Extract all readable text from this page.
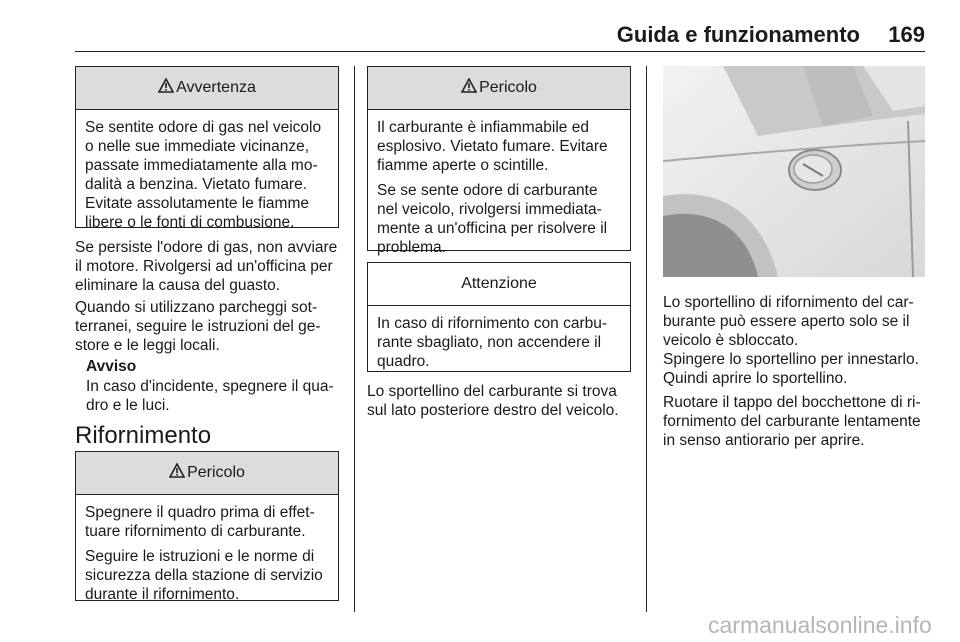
Guida e funzionamento	169
Avvertenza
Se sentite odore di gas nel veicolo
o nelle sue immediate vicinanze,
passate immediatamente alla mo-
dalità a benzina. Vietato fumare.
Evitate assolutamente le fiamme
libere o le fonti di combusione.
Se persiste l'odore di gas, non avviare
il motore. Rivolgersi ad un'officina per
eliminare la causa del guasto.
Quando si utilizzano parcheggi sot-
terranei, seguire le istruzioni del ge-
store e le leggi locali.
Avviso
In caso d'incidente, spegnere il qua-
dro e le luci.
Rifornimento
Pericolo

Spegnere il quadro prima di effet-
tuare rifornimento di carburante.

Seguire le istruzioni e le norme di
sicurezza della stazione di servizio
durante il rifornimento.

Pericolo

Il carburante è infiammabile ed
esplosivo. Vietato fumare. Evitare
fiamme aperte o scintille.

Se se sente odore di carburante
nel veicolo, rivolgersi immediata-
mente a un'officina per risolvere il
problema.

Attenzione
In caso di rifornimento con carbu-
rante sbagliato, non accendere il
quadro.
Lo sportellino del carburante si trova
sul lato posteriore destro del veicolo.
Lo sportellino di rifornimento del car-
burante può essere aperto solo se il
veicolo è sbloccato.
Spingere lo sportellino per innestarlo.
Quindi aprire lo sportellino.
Ruotare il tappo del bocchettone di ri-
fornimento del carburante lentamente
in senso antiorario per aprire.
carmanualsonline.info
